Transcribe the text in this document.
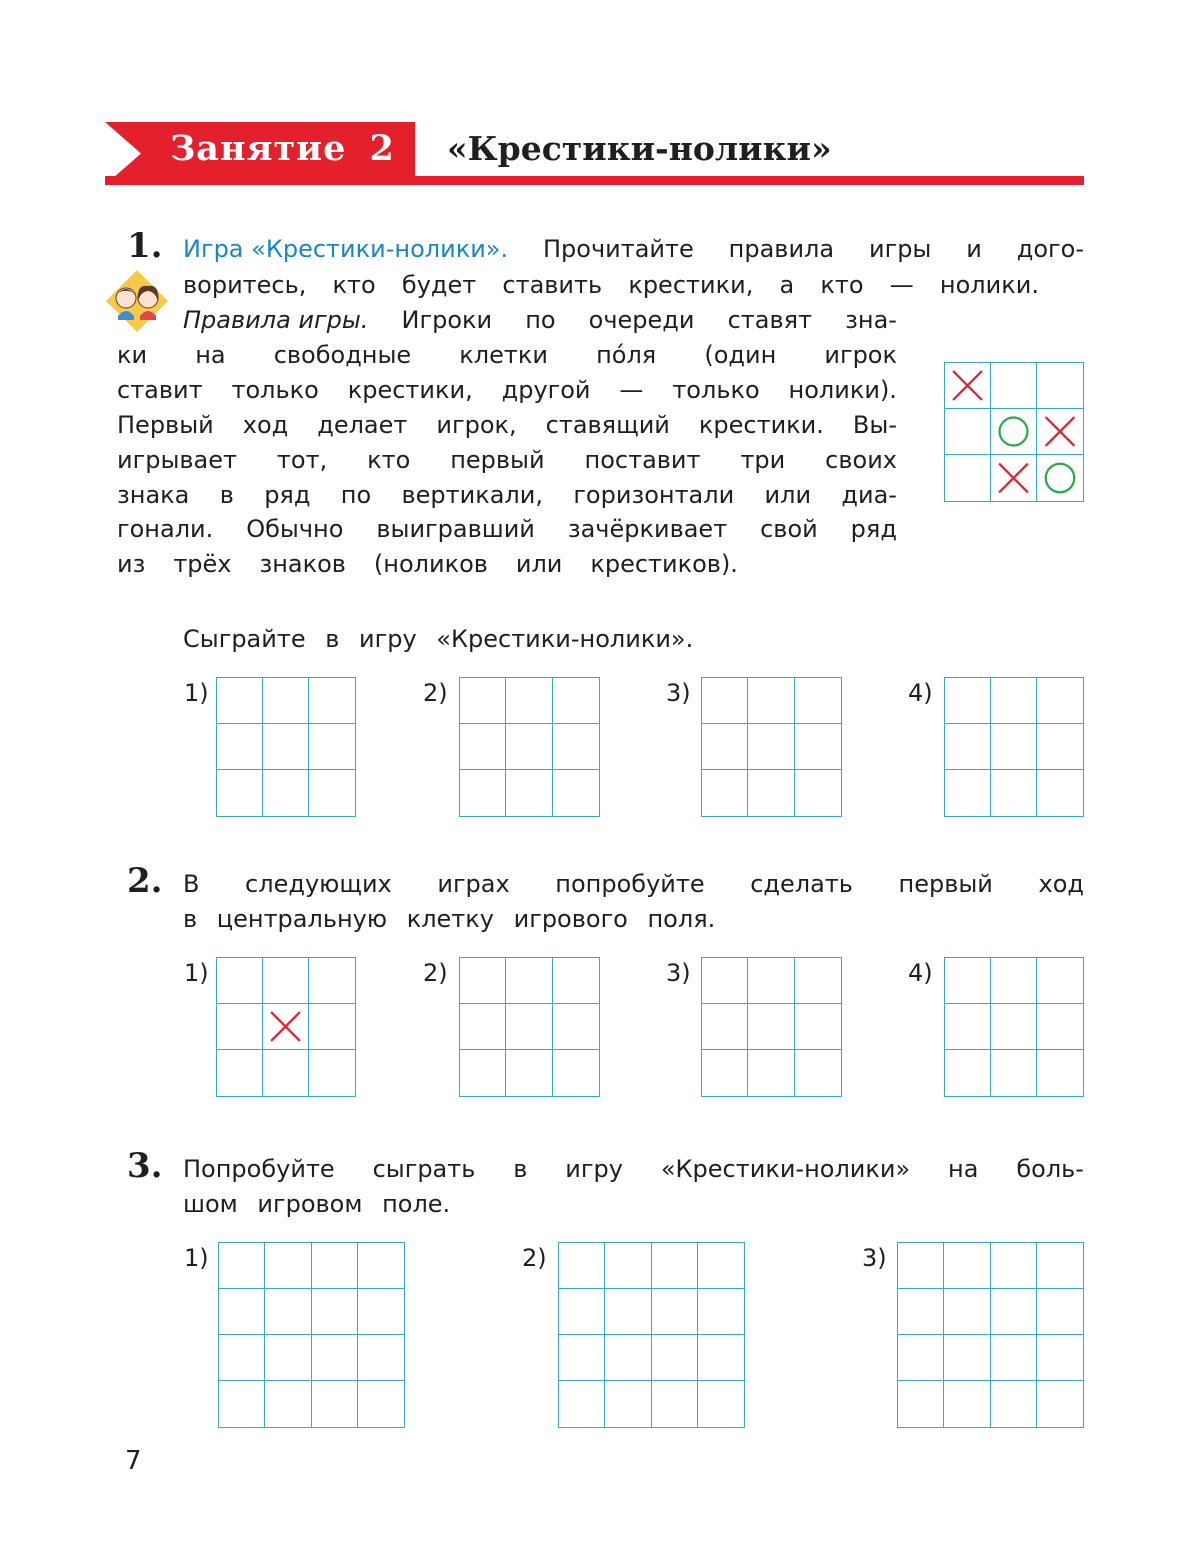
Занятие 2	«Крестики-нолики»
1. Игра «Крестики-нолики». Прочитайте правила игры и дого-
воритесь, кто будет ставить крестики, а кто — нолики.
Правила игры. Игроки по очереди ставят зна-
ки на свободные клетки по́ля (один игрок
ставит только крестики, другой — только нолики).
Первый ход делает игрок, ставящий крестики. Вы-
игрывает тот, кто первый поставит три своих
знака в ряд по вертикали, горизонтали или диа-
гонали. Обычно выигравший зачёркивает свой ряд
из трёх знаков (ноликов или крестиков).
Сыграйте в игру «Крестики-нолики».
1)	2)	3)	4)
2. В следующих играх попробуйте сделать первый ход
в центральную клетку игрового поля.
1)	2)	3)	4)
3. Попробуйте сыграть в игру «Крестики-нолики» на боль-
шом игровом поле.
1)	2)	3)
7
